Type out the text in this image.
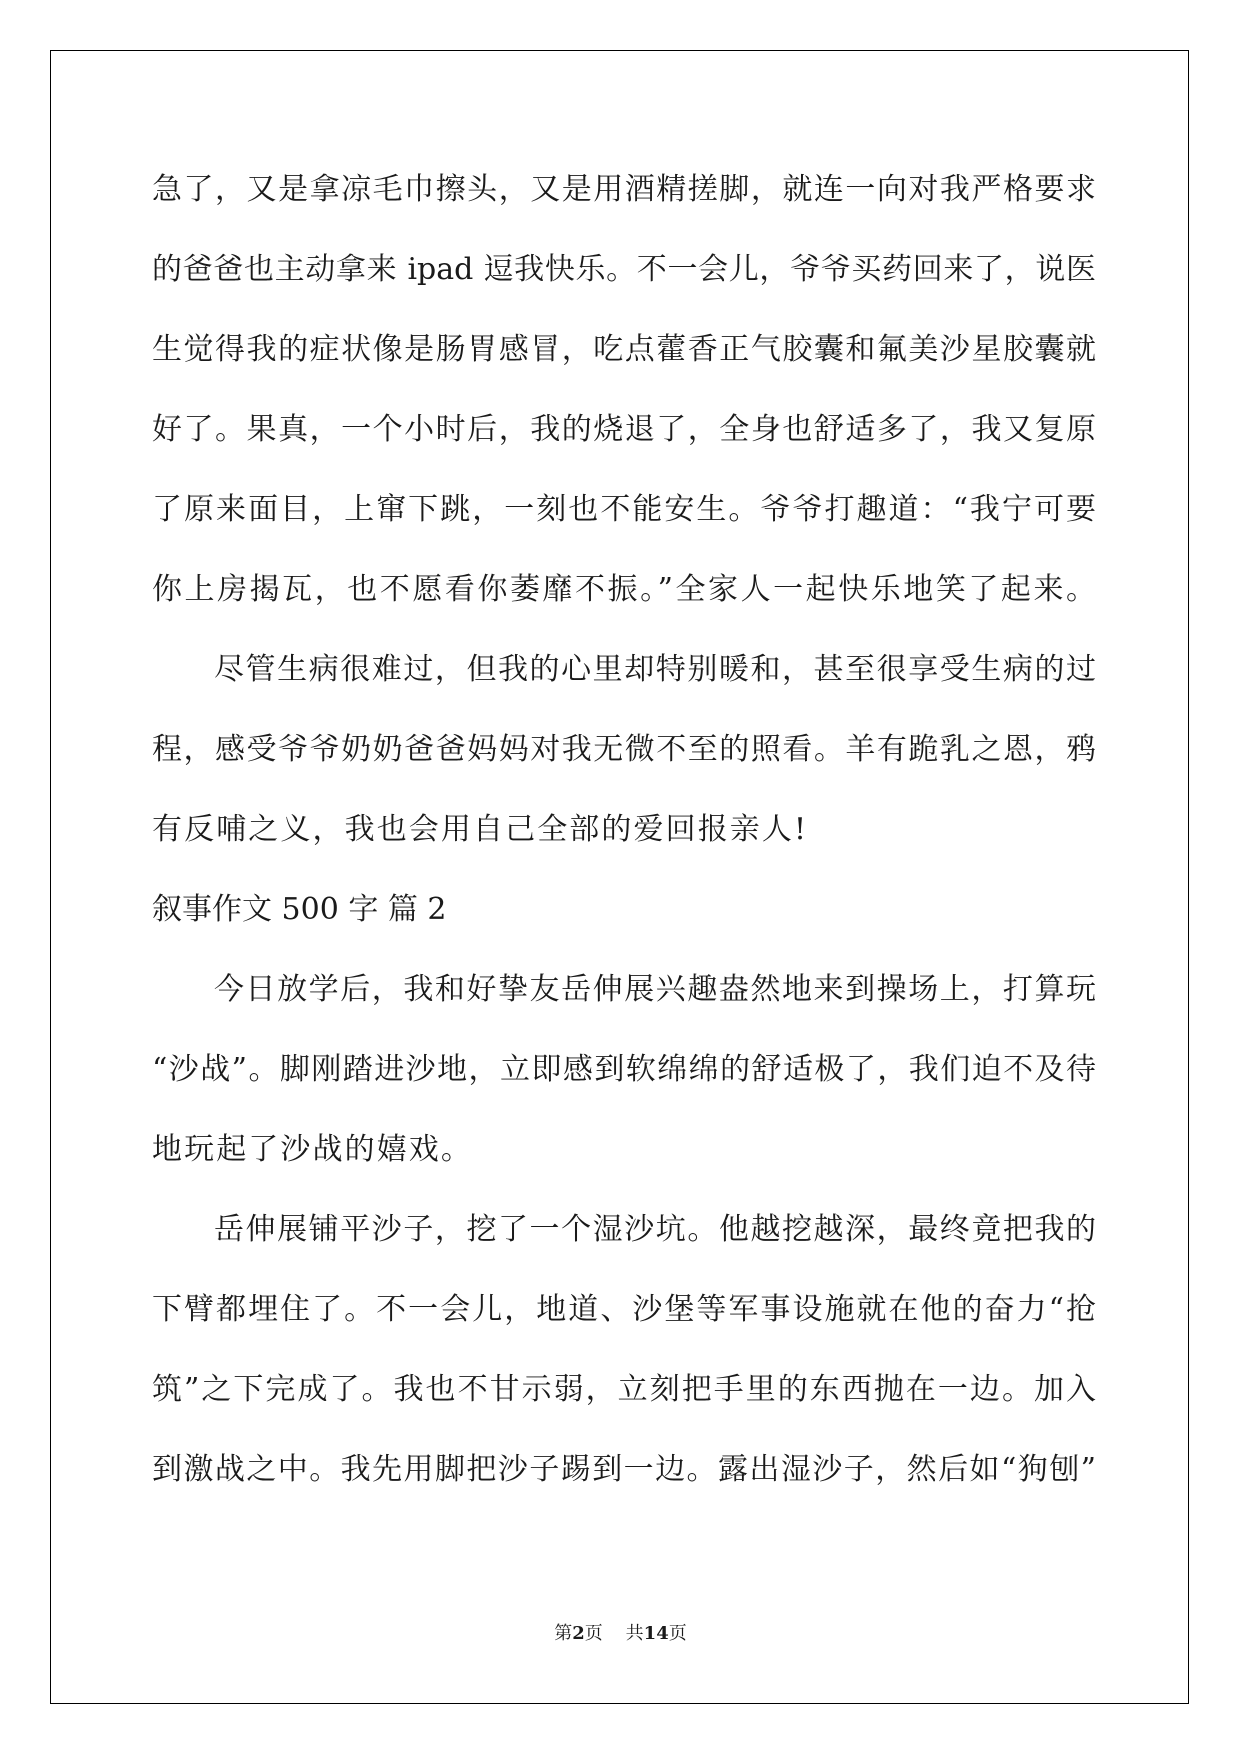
急了，又是拿凉毛巾擦头，又是用酒精搓脚，就连一向对我严格要求
的爸爸也主动拿来 ipad 逗我快乐。不一会儿，爷爷买药回来了，说医
生觉得我的症状像是肠胃感冒，吃点藿香正气胶囊和氟美沙星胶囊就
好了。果真，一个小时后，我的烧退了，全身也舒适多了，我又复原
了原来面目，上窜下跳，一刻也不能安生。爷爷打趣道：“我宁可要
你上房揭瓦，也不愿看你萎靡不振。”全家人一起快乐地笑了起来。
尽管生病很难过，但我的心里却特别暖和，甚至很享受生病的过
程，感受爷爷奶奶爸爸妈妈对我无微不至的照看。羊有跪乳之恩，鸦
有反哺之义，我也会用自己全部的爱回报亲人!
叙事作文 500 字 篇 2
今日放学后，我和好挚友岳伸展兴趣盎然地来到操场上，打算玩
“沙战”。脚刚踏进沙地，立即感到软绵绵的舒适极了，我们迫不及待
地玩起了沙战的嬉戏。
岳伸展铺平沙子，挖了一个湿沙坑。他越挖越深，最终竟把我的
下臂都埋住了。不一会儿，地道、沙堡等军事设施就在他的奋力“抢
筑”之下完成了。我也不甘示弱，立刻把手里的东西抛在一边。加入
到激战之中。我先用脚把沙子踢到一边。露出湿沙子，然后如“狗刨”
第2页 共14页
